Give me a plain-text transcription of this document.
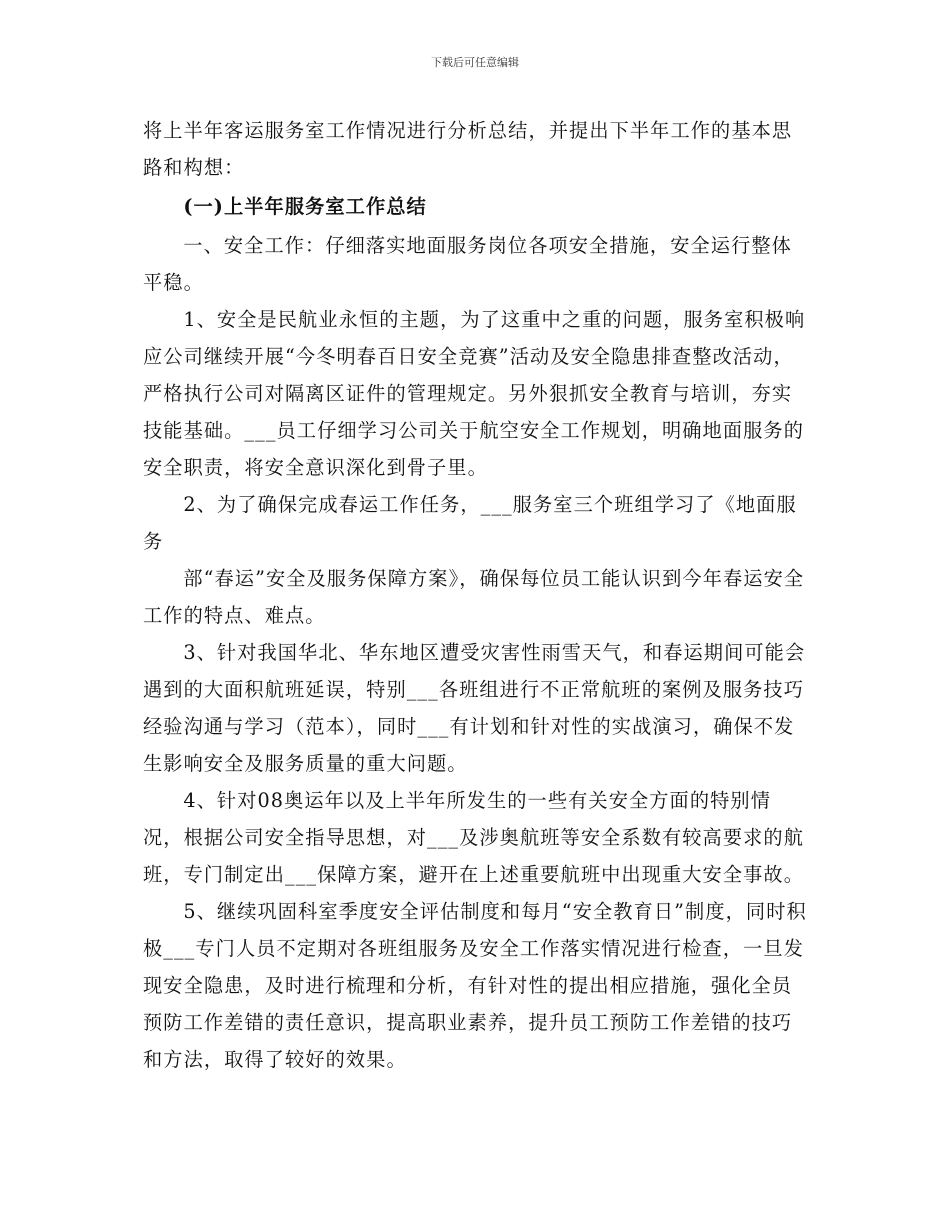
下载后可任意编辑

将上半年客运服务室工作情况进行分析总结，并提出下半年工作的基本思路和构想：

(一)上半年服务室工作总结

一、安全工作：仔细落实地面服务岗位各项安全措施，安全运行整体平稳。

1、安全是民航业永恒的主题，为了这重中之重的问题，服务室积极响应公司继续开展“今冬明春百日安全竞赛”活动及安全隐患排查整改活动，严格执行公司对隔离区证件的管理规定。另外狠抓安全教育与培训，夯实技能基础。___员工仔细学习公司关于航空安全工作规划，明确地面服务的安全职责，将安全意识深化到骨子里。

2、为了确保完成春运工作任务，___服务室三个班组学习了《地面服务

部“春运”安全及服务保障方案》，确保每位员工能认识到今年春运安全工作的特点、难点。

3、针对我国华北、华东地区遭受灾害性雨雪天气，和春运期间可能会遇到的大面积航班延误，特别___各班组进行不正常航班的案例及服务技巧经验沟通与学习（范本），同时___有计划和针对性的实战演习，确保不发生影响安全及服务质量的重大问题。

4、针对08奥运年以及上半年所发生的一些有关安全方面的特别情况，根据公司安全指导思想，对___及涉奥航班等安全系数有较高要求的航班，专门制定出___保障方案，避开在上述重要航班中出现重大安全事故。

5、继续巩固科室季度安全评估制度和每月“安全教育日”制度，同时积极___专门人员不定期对各班组服务及安全工作落实情况进行检查，一旦发现安全隐患，及时进行梳理和分析，有针对性的提出相应措施，强化全员预防工作差错的责任意识，提高职业素养，提升员工预防工作差错的技巧和方法，取得了较好的效果。
